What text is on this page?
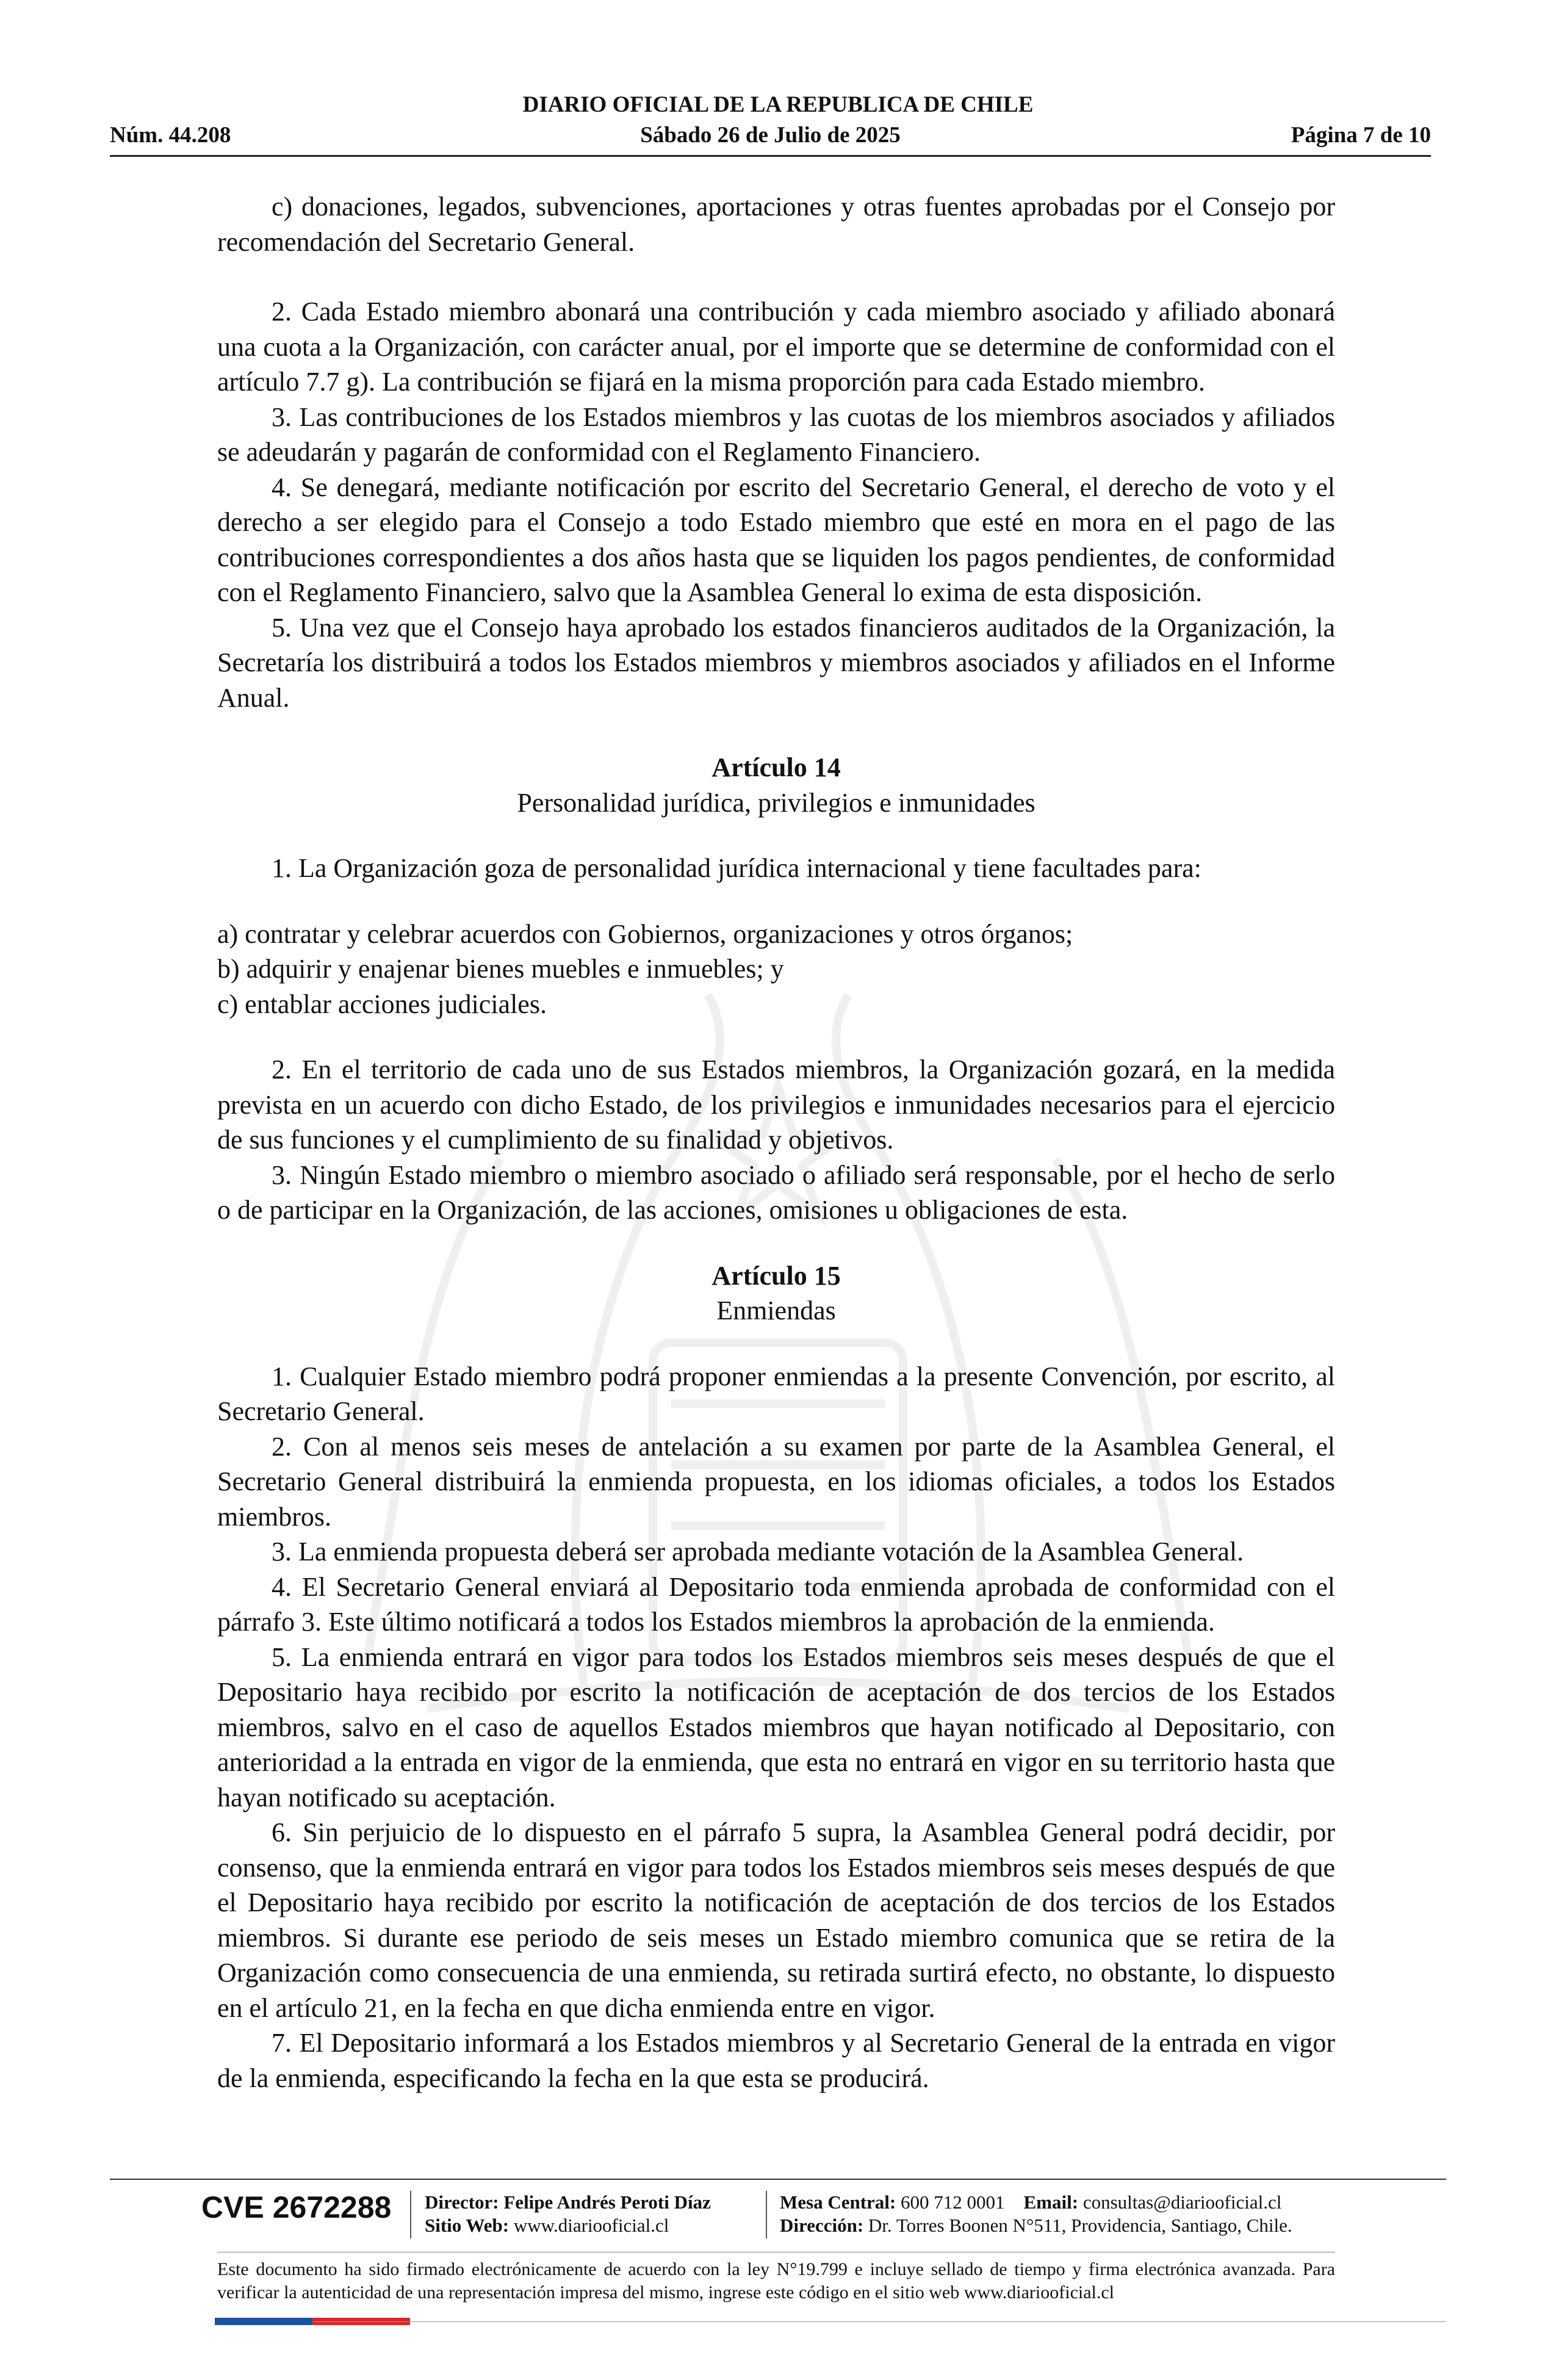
DIARIO OFICIAL DE LA REPUBLICA DE CHILE
Núm. 44.208	Sábado 26 de Julio de 2025	Página 7 de 10

c) donaciones, legados, subvenciones, aportaciones y otras fuentes aprobadas por el Consejo por recomendación del Secretario General.

2. Cada Estado miembro abonará una contribución y cada miembro asociado y afiliado abonará una cuota a la Organización, con carácter anual, por el importe que se determine de conformidad con el artículo 7.7 g). La contribución se fijará en la misma proporción para cada Estado miembro.

3. Las contribuciones de los Estados miembros y las cuotas de los miembros asociados y afiliados se adeudarán y pagarán de conformidad con el Reglamento Financiero.

4. Se denegará, mediante notificación por escrito del Secretario General, el derecho de voto y el derecho a ser elegido para el Consejo a todo Estado miembro que esté en mora en el pago de las contribuciones correspondientes a dos años hasta que se liquiden los pagos pendientes, de conformidad con el Reglamento Financiero, salvo que la Asamblea General lo exima de esta disposición.

5. Una vez que el Consejo haya aprobado los estados financieros auditados de la Organización, la Secretaría los distribuirá a todos los Estados miembros y miembros asociados y afiliados en el Informe Anual.

Artículo 14

Personalidad jurídica, privilegios e inmunidades

1. La Organización goza de personalidad jurídica internacional y tiene facultades para:

a) contratar y celebrar acuerdos con Gobiernos, organizaciones y otros órganos;

b) adquirir y enajenar bienes muebles e inmuebles; y

c) entablar acciones judiciales.

2. En el territorio de cada uno de sus Estados miembros, la Organización gozará, en la medida prevista en un acuerdo con dicho Estado, de los privilegios e inmunidades necesarios para el ejercicio de sus funciones y el cumplimiento de su finalidad y objetivos.

3. Ningún Estado miembro o miembro asociado o afiliado será responsable, por el hecho de serlo o de participar en la Organización, de las acciones, omisiones u obligaciones de esta.

Artículo 15

Enmiendas

1. Cualquier Estado miembro podrá proponer enmiendas a la presente Convención, por escrito, al Secretario General.

2. Con al menos seis meses de antelación a su examen por parte de la Asamblea General, el Secretario General distribuirá la enmienda propuesta, en los idiomas oficiales, a todos los Estados miembros.

3. La enmienda propuesta deberá ser aprobada mediante votación de la Asamblea General.

4. El Secretario General enviará al Depositario toda enmienda aprobada de conformidad con el párrafo 3. Este último notificará a todos los Estados miembros la aprobación de la enmienda.

5. La enmienda entrará en vigor para todos los Estados miembros seis meses después de que el Depositario haya recibido por escrito la notificación de aceptación de dos tercios de los Estados miembros, salvo en el caso de aquellos Estados miembros que hayan notificado al Depositario, con anterioridad a la entrada en vigor de la enmienda, que esta no entrará en vigor en su territorio hasta que hayan notificado su aceptación.

6. Sin perjuicio de lo dispuesto en el párrafo 5 supra, la Asamblea General podrá decidir, por consenso, que la enmienda entrará en vigor para todos los Estados miembros seis meses después de que el Depositario haya recibido por escrito la notificación de aceptación de dos tercios de los Estados miembros. Si durante ese periodo de seis meses un Estado miembro comunica que se retira de la Organización como consecuencia de una enmienda, su retirada surtirá efecto, no obstante, lo dispuesto en el artículo 21, en la fecha en que dicha enmienda entre en vigor.

7. El Depositario informará a los Estados miembros y al Secretario General de la entrada en vigor de la enmienda, especificando la fecha en la que esta se producirá.

CVE 2672288 Director: Felipe Andrés Peroti Díaz
Sitio Web: www.diariooficial.cl
Mesa Central: 600 712 0001 Email: consultas@diariooficial.cl
Dirección: Dr. Torres Boonen N°511, Providencia, Santiago, Chile.
Este documento ha sido firmado electrónicamente de acuerdo con la ley N°19.799 e incluye sellado de tiempo y firma electrónica avanzada. Para verificar la autenticidad de una representación impresa del mismo, ingrese este código en el sitio web www.diariooficial.cl
